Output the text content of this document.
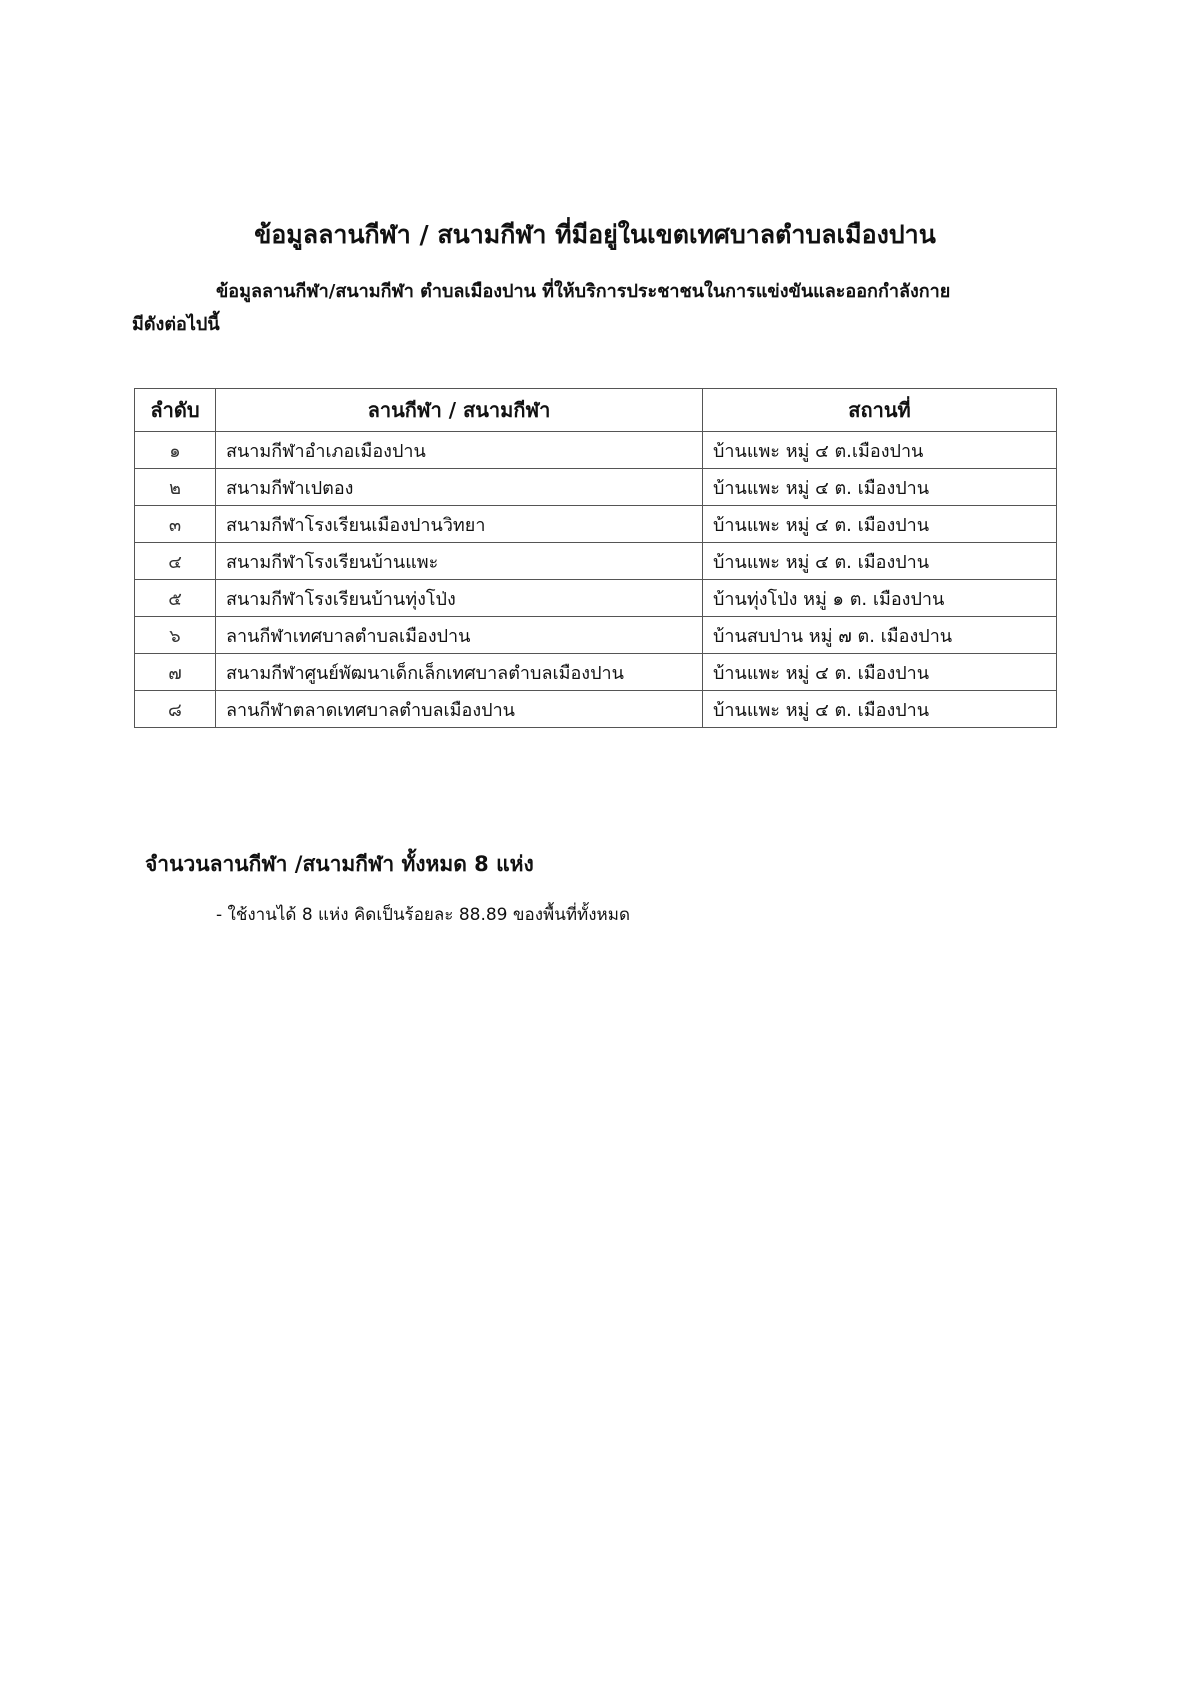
ข้อมูลลานกีฬา / สนามกีฬา ที่มีอยู่ในเขตเทศบาลตำบลเมืองปาน
ข้อมูลลานกีฬา/สนามกีฬา ตำบลเมืองปาน ที่ให้บริการประชาชนในการแข่งขันและออกกำลังกาย
มีดังต่อไปนี้
ลำดับ	ลานกีฬา / สนามกีฬา	สถานที่
๑	สนามกีฬาอำเภอเมืองปาน	บ้านแพะ หมู่ ๔ ต.เมืองปาน
๒	สนามกีฬาเปตอง	บ้านแพะ หมู่ ๔ ต. เมืองปาน
๓	สนามกีฬาโรงเรียนเมืองปานวิทยา	บ้านแพะ หมู่ ๔ ต. เมืองปาน
๔	สนามกีฬาโรงเรียนบ้านแพะ	บ้านแพะ หมู่ ๔ ต. เมืองปาน
๕	สนามกีฬาโรงเรียนบ้านทุ่งโป่ง	บ้านทุ่งโป่ง หมู่ ๑ ต. เมืองปาน
๖	ลานกีฬาเทศบาลตำบลเมืองปาน	บ้านสบปาน หมู่ ๗ ต. เมืองปาน
๗	สนามกีฬาศูนย์พัฒนาเด็กเล็กเทศบาลตำบลเมืองปาน	บ้านแพะ หมู่ ๔ ต. เมืองปาน
๘	ลานกีฬาตลาดเทศบาลตำบลเมืองปาน	บ้านแพะ หมู่ ๔ ต. เมืองปาน
จำนวนลานกีฬา /สนามกีฬา ทั้งหมด 8 แห่ง
- ใช้งานได้ 8 แห่ง คิดเป็นร้อยละ 88.89 ของพื้นที่ทั้งหมด
